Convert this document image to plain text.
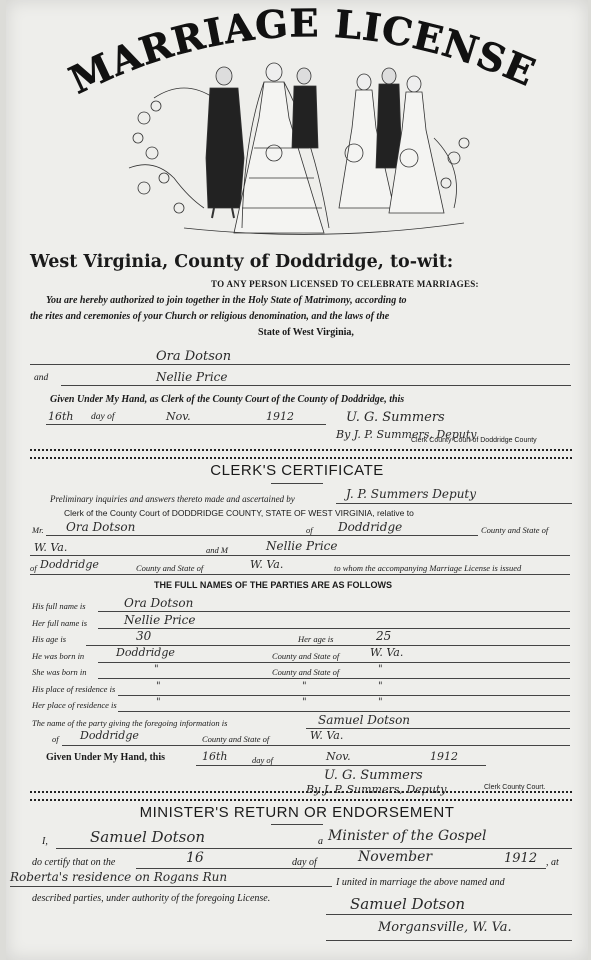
MARRIAGE LICENSE
West Virginia, County of Doddridge, to-wit:
TO ANY PERSON LICENSED TO CELEBRATE MARRIAGES:
You are hereby authorized to join together in the Holy State of Matrimony, according to
the rites and ceremonies of your Church or religious denomination, and the laws of the
State of West Virginia,
Ora Dotson
and	Nellie Price
Given Under My Hand, as Clerk of the County Court of the County of Doddridge, this
16th day of	Nov.	1912	U. G. Summers
By J. P. Summers, Deputy
Clerk County Court of Doddridge County
CLERK'S CERTIFICATE
Preliminary inquiries and answers thereto made and ascertained by	J. P. Summers Deputy
Clerk of the County Court of DODDRIDGE COUNTY, STATE OF WEST VIRGINIA, relative to
Mr. Ora Dotson	of Doddridge	County and State of
W. Va.	and M	Nellie Price
of Doddridge	County and State of	W. Va.	to whom the accompanying Marriage License is issued
THE FULL NAMES OF THE PARTIES ARE AS FOLLOWS
His full name is	Ora Dotson
Her full name is	Nellie Price
His age is	30	Her age is	25
He was born in	Doddridge	County and State of	W. Va.
She was born in	"	County and State of	"
His place of residence is	"	"	"
Her place of residence is	"	"	"
The name of the party giving the foregoing information is	Samuel Dotson
of Doddridge	County and State of	W. Va.
Given Under My Hand, this	16th	day of	Nov.	1912
U. G. Summers
By J. P. Summers, Deputy	Clerk County Court.
MINISTER'S RETURN OR ENDORSEMENT
I,	Samuel Dotson	a Minister of the Gospel
do certify that on the	16	day of	November	1912 , at
Roberta's residence on Rogans Run	I united in marriage the above named and
described parties, under authority of the foregoing License.	Samuel Dotson
Morgansville, W. Va.
